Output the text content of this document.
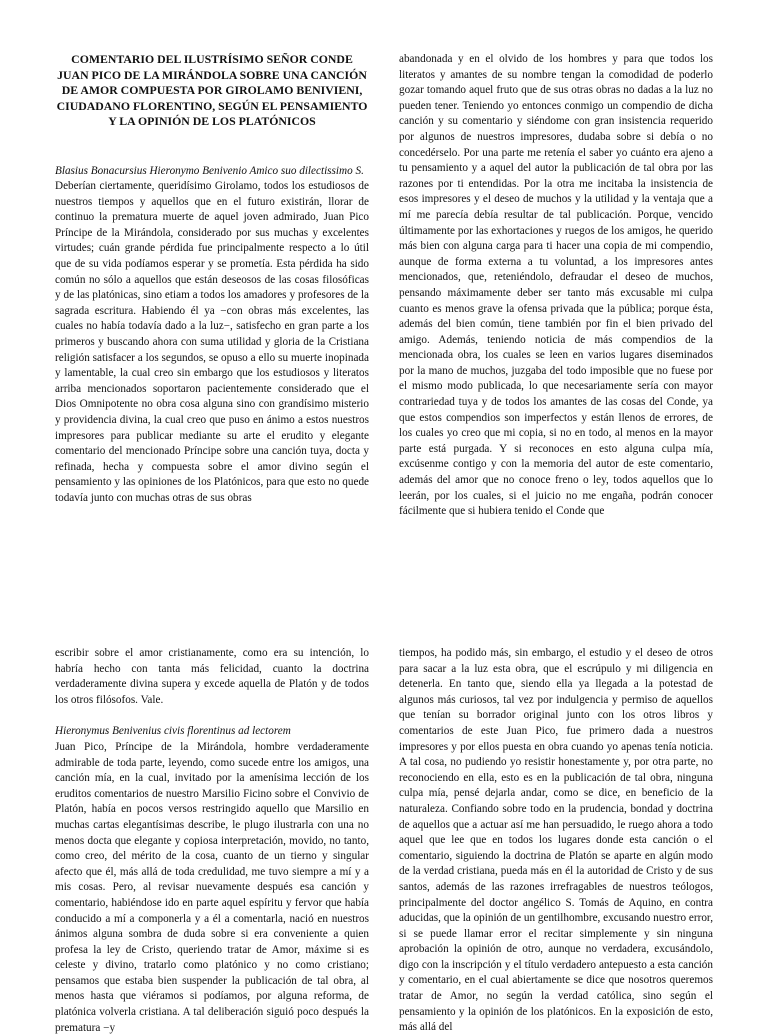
COMENTARIO DEL ILUSTRÍSIMO SEÑOR CONDE JUAN PICO DE LA MIRÁNDOLA SOBRE UNA CANCIÓN DE AMOR COMPUESTA POR GIROLAMO BENIVIENI, CIUDADANO FLORENTINO, SEGÚN EL PENSAMIENTO Y LA OPINIÓN DE LOS PLATÓNICOS

Blasius Bonacursius Hieronymo Benivenio Amico suo dilectissimo S.

Deberían ciertamente, queridísimo Girolamo, todos los estudiosos de nuestros tiempos y aquellos que en el futuro existirán, llorar de continuo la prematura muerte de aquel joven admirado, Juan Pico Príncipe de la Mirándola, considerado por sus muchas y excelentes virtudes; cuán grande pérdida fue principalmente respecto a lo útil que de su vida podíamos esperar y se prometía. Esta pérdida ha sido común no sólo a aquellos que están deseosos de las cosas filosóficas y de las platónicas, sino etiam a todos los amadores y profesores de la sagrada escritura. Habiendo él ya −con obras más excelentes, las cuales no había todavía dado a la luz−, satisfecho en gran parte a los primeros y buscando ahora con suma utilidad y gloria de la Cristiana religión satisfacer a los segundos, se opuso a ello su muerte inopinada y lamentable, la cual creo sin embargo que los estudiosos y literatos arriba mencionados soportaron pacientemente considerado que el Dios Omnipotente no obra cosa alguna sino con grandísimo misterio y providencia divina, la cual creo que puso en ánimo a estos nuestros impresores para publicar mediante su arte el erudito y elegante comentario del mencionado Príncipe sobre una canción tuya, docta y refinada, hecha y compuesta sobre el amor divino según el pensamiento y las opiniones de los Platónicos, para que esto no quede todavía junto con muchas otras de sus obras

abandonada y en el olvido de los hombres y para que todos los literatos y amantes de su nombre tengan la comodidad de poderlo gozar tomando aquel fruto que de sus otras obras no dadas a la luz no pueden tener. Teniendo yo entonces conmigo un compendio de dicha canción y su comentario y siéndome con gran insistencia requerido por algunos de nuestros impresores, dudaba sobre si debía o no concedérselo. Por una parte me retenía el saber yo cuánto era ajeno a tu pensamiento y a aquel del autor la publicación de tal obra por las razones por ti entendidas. Por la otra me incitaba la insistencia de esos impresores y el deseo de muchos y la utilidad y la ventaja que a mí me parecía debía resultar de tal publicación. Porque, vencido últimamente por las exhortaciones y ruegos de los amigos, he querido más bien con alguna carga para ti hacer una copia de mi compendio, aunque de forma externa a tu voluntad, a los impresores antes mencionados, que, reteniéndolo, defraudar el deseo de muchos, pensando máximamente deber ser tanto más excusable mi culpa cuanto es menos grave la ofensa privada que la pública; porque ésta, además del bien común, tiene también por fin el bien privado del amigo. Además, teniendo noticia de más compendios de la mencionada obra, los cuales se leen en varios lugares diseminados por la mano de muchos, juzgaba del todo imposible que no fuese por el mismo modo publicada, lo que necesariamente sería con mayor contrariedad tuya y de todos los amantes de las cosas del Conde, ya que estos compendios son imperfectos y están llenos de errores, de los cuales yo creo que mi copia, si no en todo, al menos en la mayor parte está purgada. Y si reconoces en esto alguna culpa mía, excúsenme contigo y con la memoria del autor de este comentario, además del amor que no conoce freno o ley, todos aquellos que lo leerán, por los cuales, si el juicio no me engaña, podrán conocer fácilmente que si hubiera tenido el Conde que

escribir sobre el amor cristianamente, como era su intención, lo habría hecho con tanta más felicidad, cuanto la doctrina verdaderamente divina supera y excede aquella de Platón y de todos los otros filósofos. Vale.

Hieronymus Benivenius civis florentinus ad lectorem

Juan Pico, Príncipe de la Mirándola, hombre verdaderamente admirable de toda parte, leyendo, como sucede entre los amigos, una canción mía, en la cual, invitado por la amenísima lección de los eruditos comentarios de nuestro Marsilio Ficino sobre el Convivio de Platón, había en pocos versos restringido aquello que Marsilio en muchas cartas elegantísimas describe, le plugo ilustrarla con una no menos docta que elegante y copiosa interpretación, movido, no tanto, como creo, del mérito de la cosa, cuanto de un tierno y singular afecto que él, más allá de toda credulidad, me tuvo siempre a mí y a mis cosas. Pero, al revisar nuevamente después esa canción y comentario, habiéndose ido en parte aquel espíritu y fervor que había conducido a mí a componerla y a él a comentarla, nació en nuestros ánimos alguna sombra de duda sobre si era conveniente a quien profesa la ley de Cristo, queriendo tratar de Amor, máxime si es celeste y divino, tratarlo como platónico y no como cristiano; pensamos que estaba bien suspender la publicación de tal obra, al menos hasta que viéramos si podíamos, por alguna reforma, de platónica volverla cristiana. A tal deliberación siguió poco después la prematura −y

tiempos, ha podido más, sin embargo, el estudio y el deseo de otros para sacar a la luz esta obra, que el escrúpulo y mi diligencia en detenerla. En tanto que, siendo ella ya llegada a la potestad de algunos más curiosos, tal vez por indulgencia y permiso de aquellos que tenían su borrador original junto con los otros libros y comentarios de este Juan Pico, fue primero dada a nuestros impresores y por ellos puesta en obra cuando yo apenas tenía noticia. A tal cosa, no pudiendo yo resistir honestamente y, por otra parte, no reconociendo en ella, esto es en la publicación de tal obra, ninguna culpa mía, pensé dejarla andar, como se dice, en beneficio de la naturaleza. Confiando sobre todo en la prudencia, bondad y doctrina de aquellos que a actuar así me han persuadido, le ruego ahora a todo aquel que lee que en todos los lugares donde esta canción o el comentario, siguiendo la doctrina de Platón se aparte en algún modo de la verdad cristiana, pueda más en él la autoridad de Cristo y de sus santos, además de las razones irrefragables de nuestros teólogos, principalmente del doctor angélico S. Tomás de Aquino, en contra aducidas, que la opinión de un gentilhombre, excusando nuestro error, si se puede llamar error el recitar simplemente y sin ninguna aprobación la opinión de otro, aunque no verdadera, excusándolo, digo con la inscripción y el título verdadero antepuesto a esta canción y comentario, en el cual abiertamente se dice que nosotros queremos tratar de Amor, no según la verdad católica, sino según el pensamiento y la opinión de los platónicos. En la exposición de esto, más allá del
